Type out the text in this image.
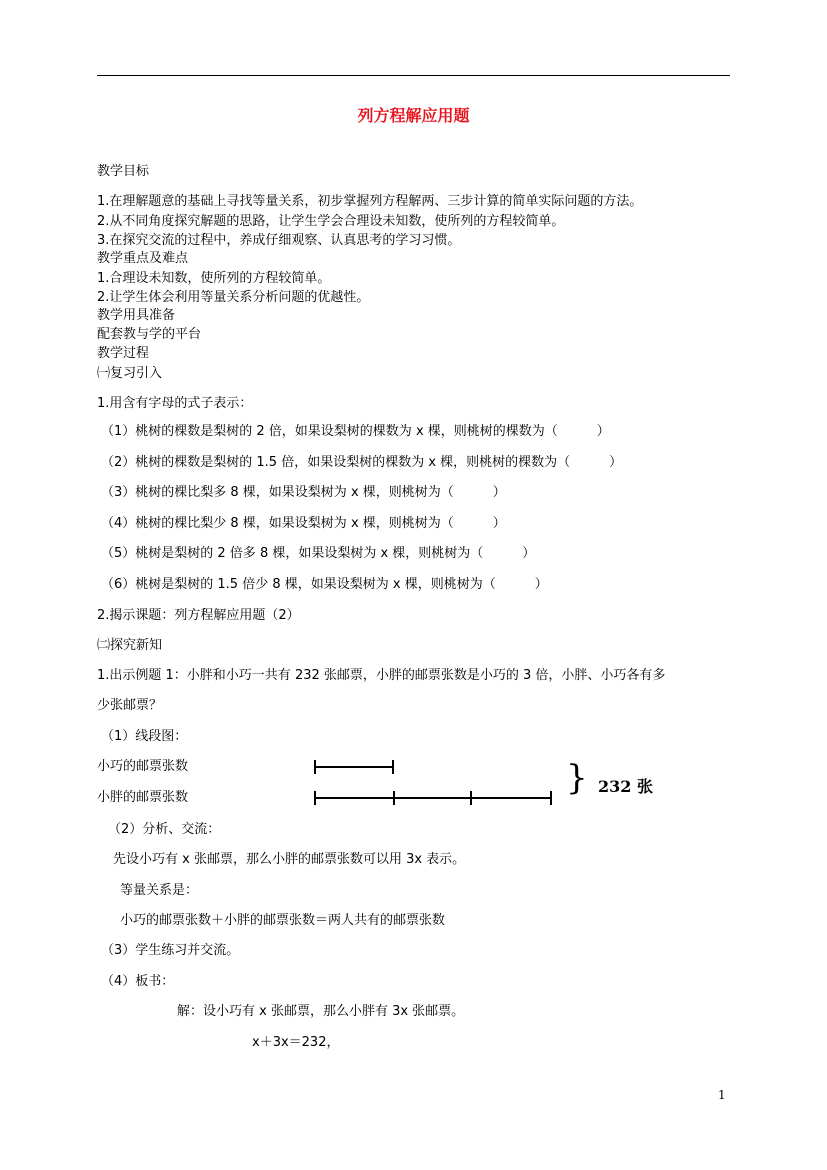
列方程解应用题
教学目标
1.在理解题意的基础上寻找等量关系，初步掌握列方程解两、三步计算的简单实际问题的方法。
2.从不同角度探究解题的思路，让学生学会合理设未知数，使所列的方程较简单。
3.在探究交流的过程中，养成仔细观察、认真思考的学习习惯。
教学重点及难点
1.合理设未知数，使所列的方程较简单。
2.让学生体会利用等量关系分析问题的优越性。
教学用具准备
配套教与学的平台
教学过程
㈠复习引入
1.用含有字母的式子表示：
（1）桃树的棵数是梨树的 2 倍，如果设梨树的棵数为 x 棵，则桃树的棵数为（　　　）
（2）桃树的棵数是梨树的 1.5 倍，如果设梨树的棵数为 x 棵，则桃树的棵数为（　　　）
（3）桃树的棵比梨多 8 棵，如果设梨树为 x 棵，则桃树为（　　　）
（4）桃树的棵比梨少 8 棵，如果设梨树为 x 棵，则桃树为（　　　）
（5）桃树是梨树的 2 倍多 8 棵，如果设梨树为 x 棵，则桃树为（　　　）
（6）桃树是梨树的 1.5 倍少 8 棵，如果设梨树为 x 棵，则桃树为（　　　）
2.揭示课题：列方程解应用题（2）
㈡探究新知
1.出示例题 1：小胖和小巧一共有 232 张邮票，小胖的邮票张数是小巧的 3 倍，小胖、小巧各有多
少张邮票？
（1）线段图：
小巧的邮票张数
小胖的邮票张数	} 232 张
（2）分析、交流：
先设小巧有 x 张邮票，那么小胖的邮票张数可以用 3x 表示。
等量关系是：
小巧的邮票张数＋小胖的邮票张数＝两人共有的邮票张数
（3）学生练习并交流。
（4）板书：
解：设小巧有 x 张邮票，那么小胖有 3x 张邮票。
x＋3x＝232，
1
